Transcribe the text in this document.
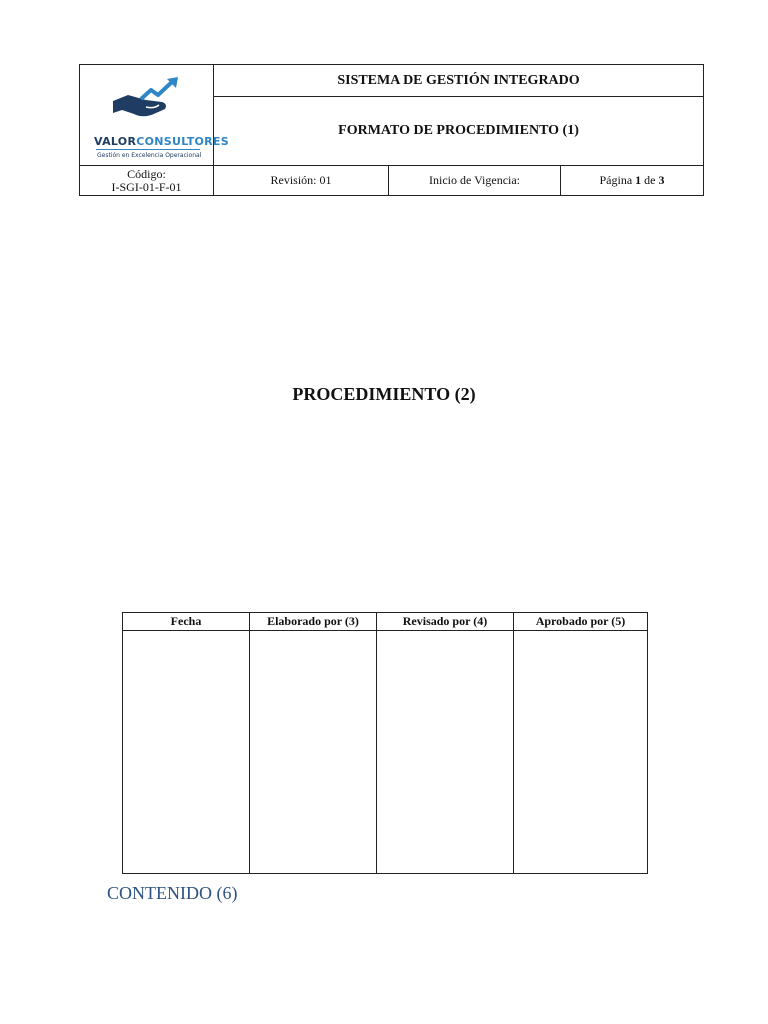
VALORCONSULTORES
Gestión en Excelencia Operacional	SISTEMA DE GESTIÓN INTEGRADO		
	FORMATO DE PROCEDIMIENTO (1)		

Código:
I-SGI-01-F-01	Revisión: 01	Inicio de Vigencia:	Página 1 de 3
PROCEDIMIENTO (2)
Fecha	Elaborado por (3)	Revisado por (4)	Aprobado por (5)

CONTENIDO (6)
